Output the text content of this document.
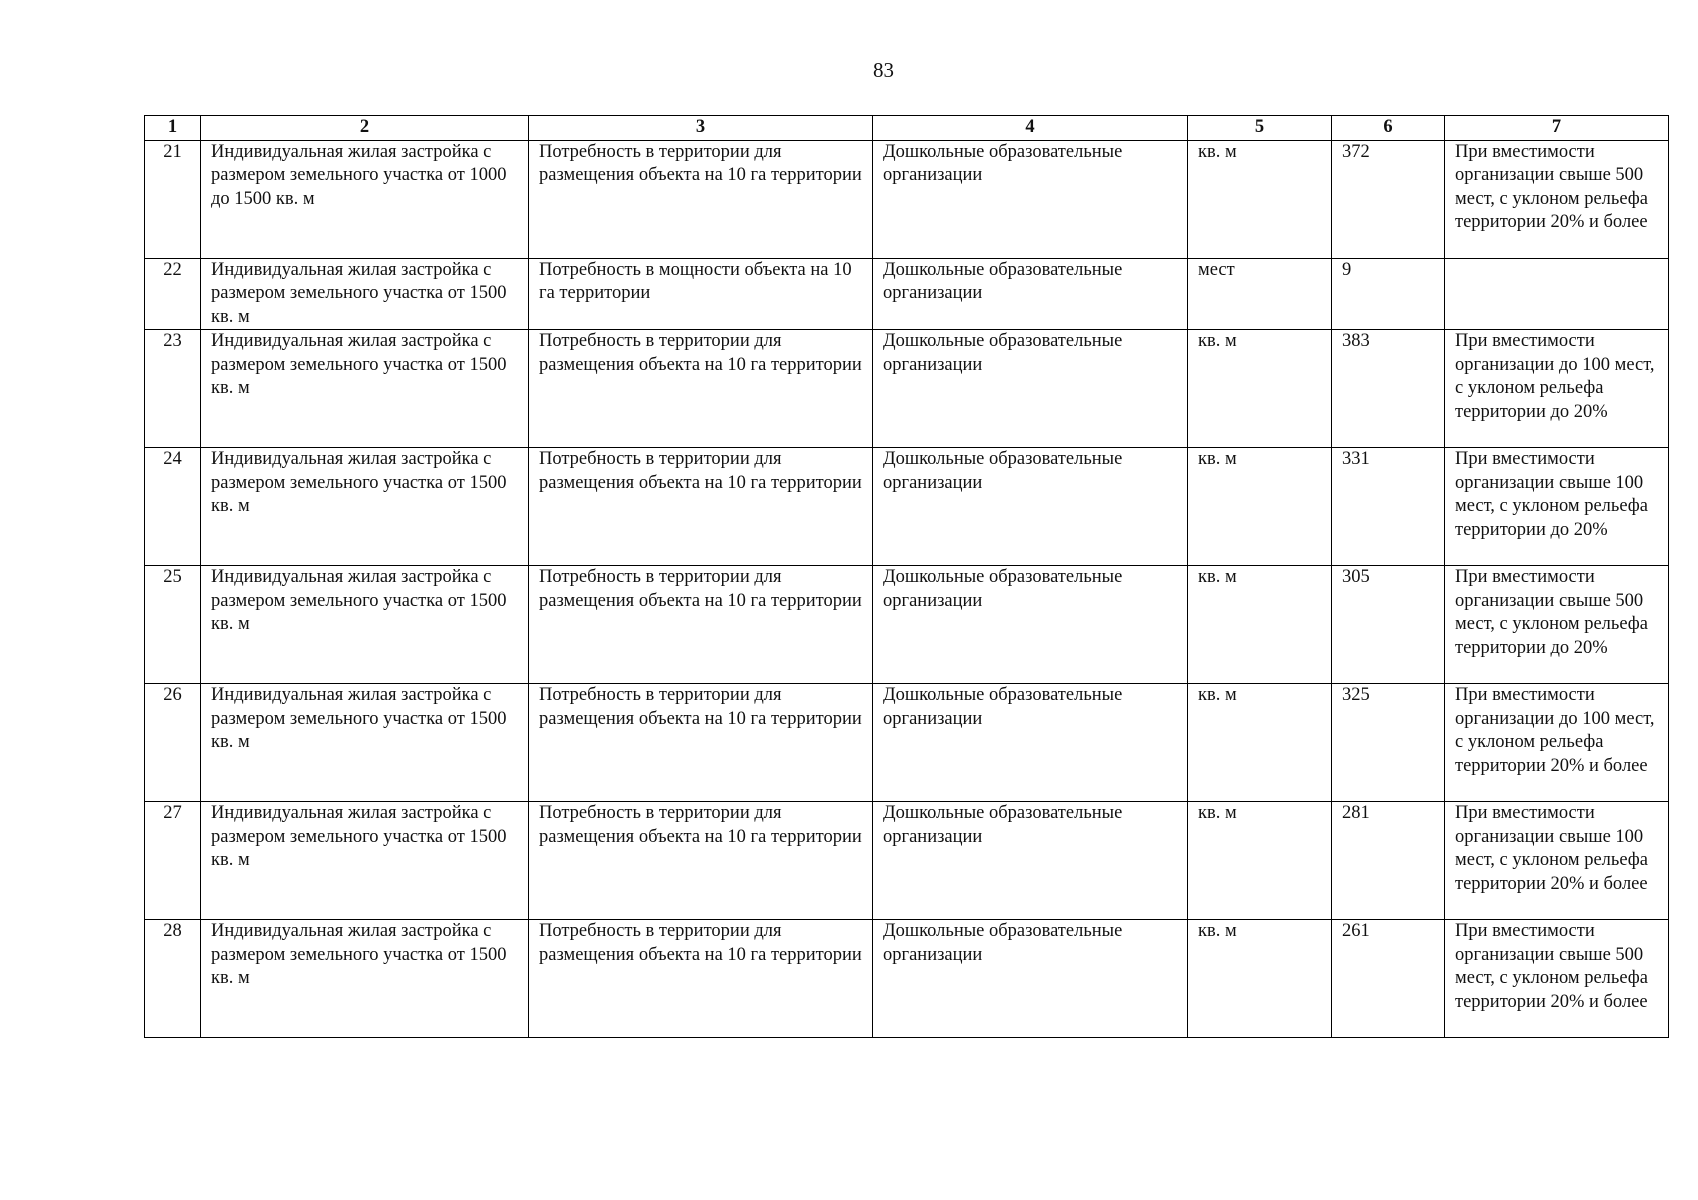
83
1	2	3	4	5	6	7
21	Индивидуальная жилая застройка с размером земельного участка от 1000 до 1500 кв. м	Потребность в территории для размещения объекта на 10 га территории	Дошкольные образовательные организации	кв. м	372	При вместимости организации свыше 500 мест, с уклоном рельефа территории 20% и более
22	Индивидуальная жилая застройка с размером земельного участка от 1500 кв. м	Потребность в мощности объекта на 10 га территории	Дошкольные образовательные организации	мест	9	
23	Индивидуальная жилая застройка с размером земельного участка от 1500 кв. м	Потребность в территории для размещения объекта на 10 га территории	Дошкольные образовательные организации	кв. м	383	При вместимости организации до 100 мест, с уклоном рельефа территории до 20%
24	Индивидуальная жилая застройка с размером земельного участка от 1500 кв. м	Потребность в территории для размещения объекта на 10 га территории	Дошкольные образовательные организации	кв. м	331	При вместимости организации свыше 100 мест, с уклоном рельефа территории до 20%
25	Индивидуальная жилая застройка с размером земельного участка от 1500 кв. м	Потребность в территории для размещения объекта на 10 га территории	Дошкольные образовательные организации	кв. м	305	При вместимости организации свыше 500 мест, с уклоном рельефа территории до 20%
26	Индивидуальная жилая застройка с размером земельного участка от 1500 кв. м	Потребность в территории для размещения объекта на 10 га территории	Дошкольные образовательные организации	кв. м	325	При вместимости организации до 100 мест, с уклоном рельефа территории 20% и более
27	Индивидуальная жилая застройка с размером земельного участка от 1500 кв. м	Потребность в территории для размещения объекта на 10 га территории	Дошкольные образовательные организации	кв. м	281	При вместимости организации свыше 100 мест, с уклоном рельефа территории 20% и более
28	Индивидуальная жилая застройка с размером земельного участка от 1500 кв. м	Потребность в территории для размещения объекта на 10 га территории	Дошкольные образовательные организации	кв. м	261	При вместимости организации свыше 500 мест, с уклоном рельефа территории 20% и более
